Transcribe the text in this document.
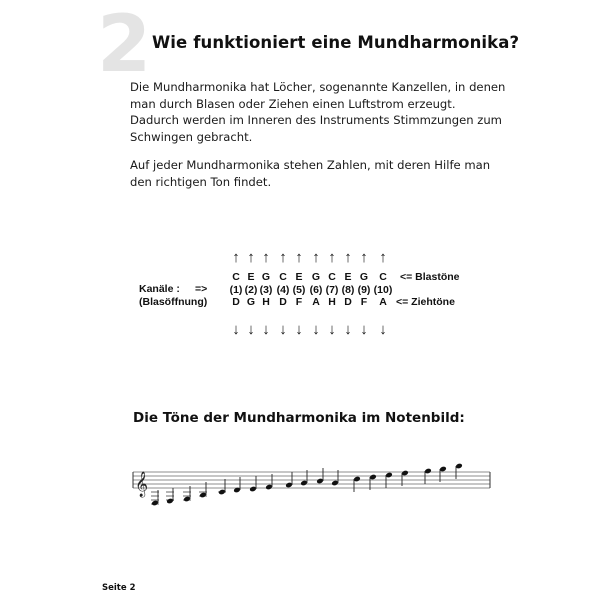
2 Wie funktioniert eine Mundharmonika?
Die Mundharmonika hat Löcher, sogenannte Kanzellen, in denen
man durch Blasen oder Ziehen einen Luftstrom erzeugt.
Dadurch werden im Inneren des Instruments Stimmzungen zum
Schwingen gebracht.
Auf jeder Mundharmonika stehen Zahlen, mit deren Hilfe man
den richtigen Ton findet.
Kanäle : =>
(Blasöffnung)
<= Blastöne
<= Ziehtöne
↑
C
(1)
D
↓
↑
E
(2)
G
↓
↑
G
(3)
H
↓
↑
C
(4)
D
↓
↑
E
(5)
F
↓
↑
G
(6)
A
↓
↑
C
(7)
H
↓
↑
E
(8)
D
↓
↑
G
(9)
F
↓
↑
C
(10)
A
↓
𝄞
Die Töne der Mundharmonika im Notenbild:
Seite 2
